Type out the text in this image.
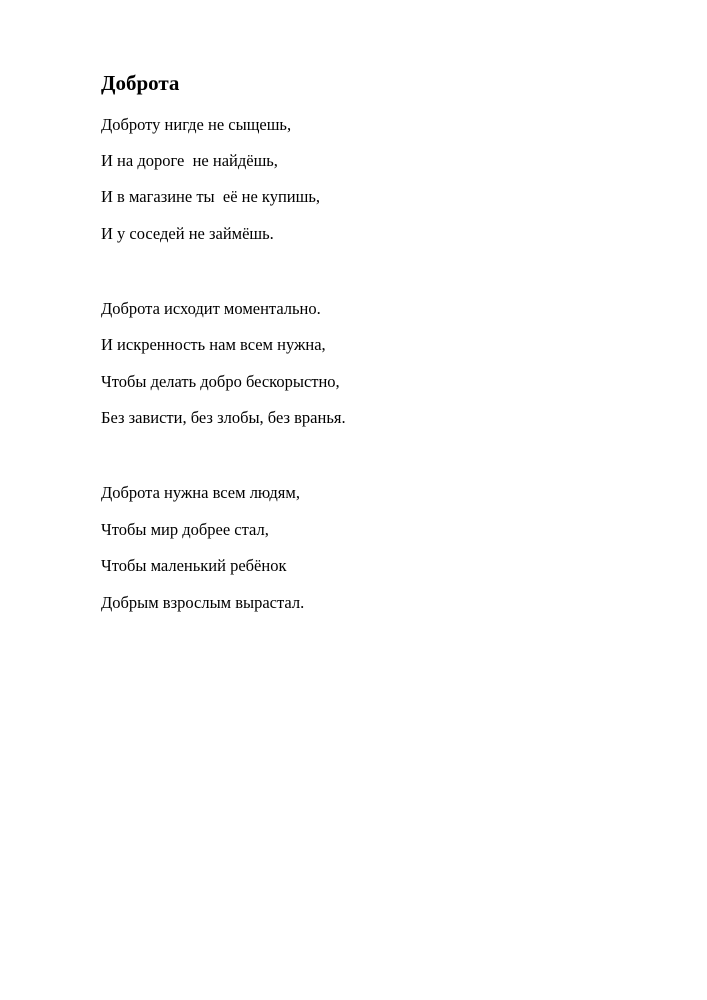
Доброта

Доброту нигде не сыщешь,

И на дороге  не найдёшь,

И в магазине ты  её не купишь,

И у соседей не займёшь.

Доброта исходит моментально.

И искренность нам всем нужна,

Чтобы делать добро бескорыстно,

Без зависти, без злобы, без вранья.

Доброта нужна всем людям,

Чтобы мир добрее стал,

Чтобы маленький ребёнок

Добрым взрослым вырастал.
